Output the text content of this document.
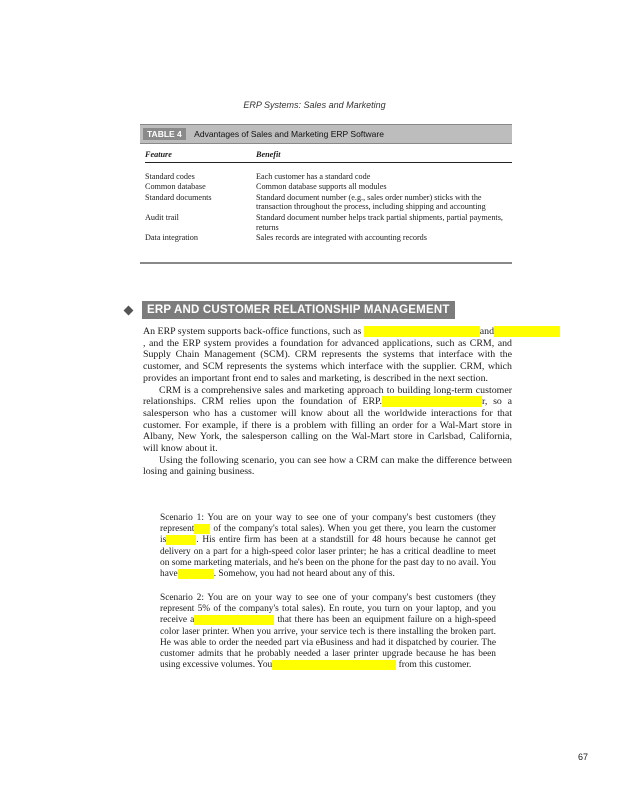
ERP Systems: Sales and Marketing
TABLE 4 Advantages of Sales and Marketing ERP Software
Feature	Benefit
Standard codes	Each customer has a standard code
Common database	Common database supports all modules
Standard documents	Standard document number (e.g., sales order number) sticks with the transaction throughout the process, including shipping and accounting
Audit trail	Standard document number helps track partial shipments, partial payments, returns
Data integration	Sales records are integrated with accounting records
ERP AND CUSTOMER RELATIONSHIP MANAGEMENT

An ERP system supports back-office functions, such as	and , and the ERP system provides a foundation for advanced applications, such as CRM, and Supply Chain Management (SCM). CRM represents the systems that interface with the customer, and SCM represents the systems which interface with the supplier. CRM, which provides an important front end to sales and marketing, is described in the next section.

CRM is a comprehensive sales and marketing approach to building long-term customer relationships. CRM relies upon the foundation of ERP.	r, so a salesperson who has a customer will know about all the worldwide interactions for that customer. For example, if there is a problem with filling an order for a Wal-Mart store in Albany, New York, the salesperson calling on the Wal-Mart store in Carlsbad, California, will know about it.

Using the following scenario, you can see how a CRM can make the difference between losing and gaining business.

Scenario 1: You are on your way to see one of your company's best customers (they represent of the company's total sales). When you get there, you learn the customer is	. His entire firm has been at a standstill for 48 hours because he cannot get delivery on a part for a high-speed color laser printer; he has a critical deadline to meet on some marketing materials, and he's been on the phone for the past day to no avail. You have	. Somehow, you had not heard about any of this.
Scenario 2: You are on your way to see one of your company's best customers (they represent 5% of the company's total sales). En route, you turn on your laptop, and you receive a	that there has been an equipment failure on a high-speed color laser printer. When you arrive, your service tech is there installing the broken part. He was able to order the needed part via eBusiness and had it dispatched by courier. The customer admits that he probably needed a laser printer upgrade because he has been using excessive volumes. You	from this customer.
67
